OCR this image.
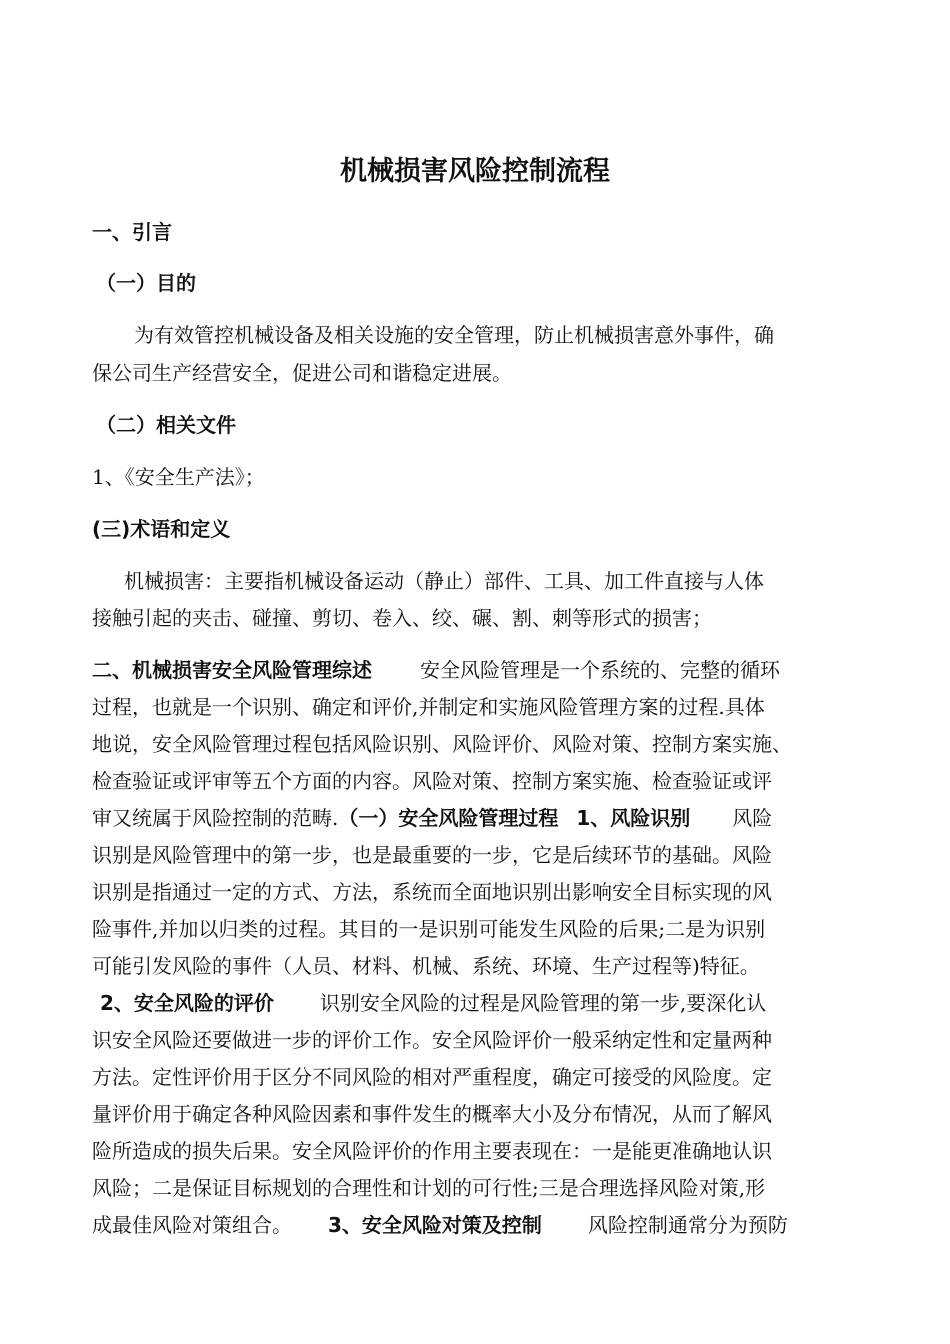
机械损害风险控制流程

一、引言

（一）目的

为有效管控机械设备及相关设施的安全管理，防止机械损害意外事件，确

保公司生产经营安全，促进公司和谐稳定进展。

（二）相关文件

1、《安全生产法》；

(三)术语和定义

机械损害：主要指机械设备运动（静止）部件、工具、加工件直接与人体

接触引起的夹击、碰撞、剪切、卷入、绞、碾、割、刺等形式的损害；

二、机械损害安全风险管理综述 安全风险管理是一个系统的、完整的循环

过程，也就是一个识别、确定和评价,并制定和实施风险管理方案的过程.具体

地说，安全风险管理过程包括风险识别、风险评价、风险对策、控制方案实施、

检查验证或评审等五个方面的内容。风险对策、控制方案实施、检查验证或评

审又统属于风险控制的范畴.（一）安全风险管理过程 1、风险识别 风险

识别是风险管理中的第一步，也是最重要的一步，它是后续环节的基础。风险

识别是指通过一定的方式、方法，系统而全面地识别出影响安全目标实现的风

险事件,并加以归类的过程。其目的一是识别可能发生风险的后果;二是为识别

可能引发风险的事件（人员、材料、机械、系统、环境、生产过程等)特征。

2、安全风险的评价 识别安全风险的过程是风险管理的第一步,要深化认

识安全风险还要做进一步的评价工作。安全风险评价一般采纳定性和定量两种

方法。定性评价用于区分不同风险的相对严重程度，确定可接受的风险度。定

量评价用于确定各种风险因素和事件发生的概率大小及分布情况，从而了解风

险所造成的损失后果。安全风险评价的作用主要表现在：一是能更准确地认识

风险；二是保证目标规划的合理性和计划的可行性;三是合理选择风险对策,形

成最佳风险对策组合。 3、安全风险对策及控制 风险控制通常分为预防
